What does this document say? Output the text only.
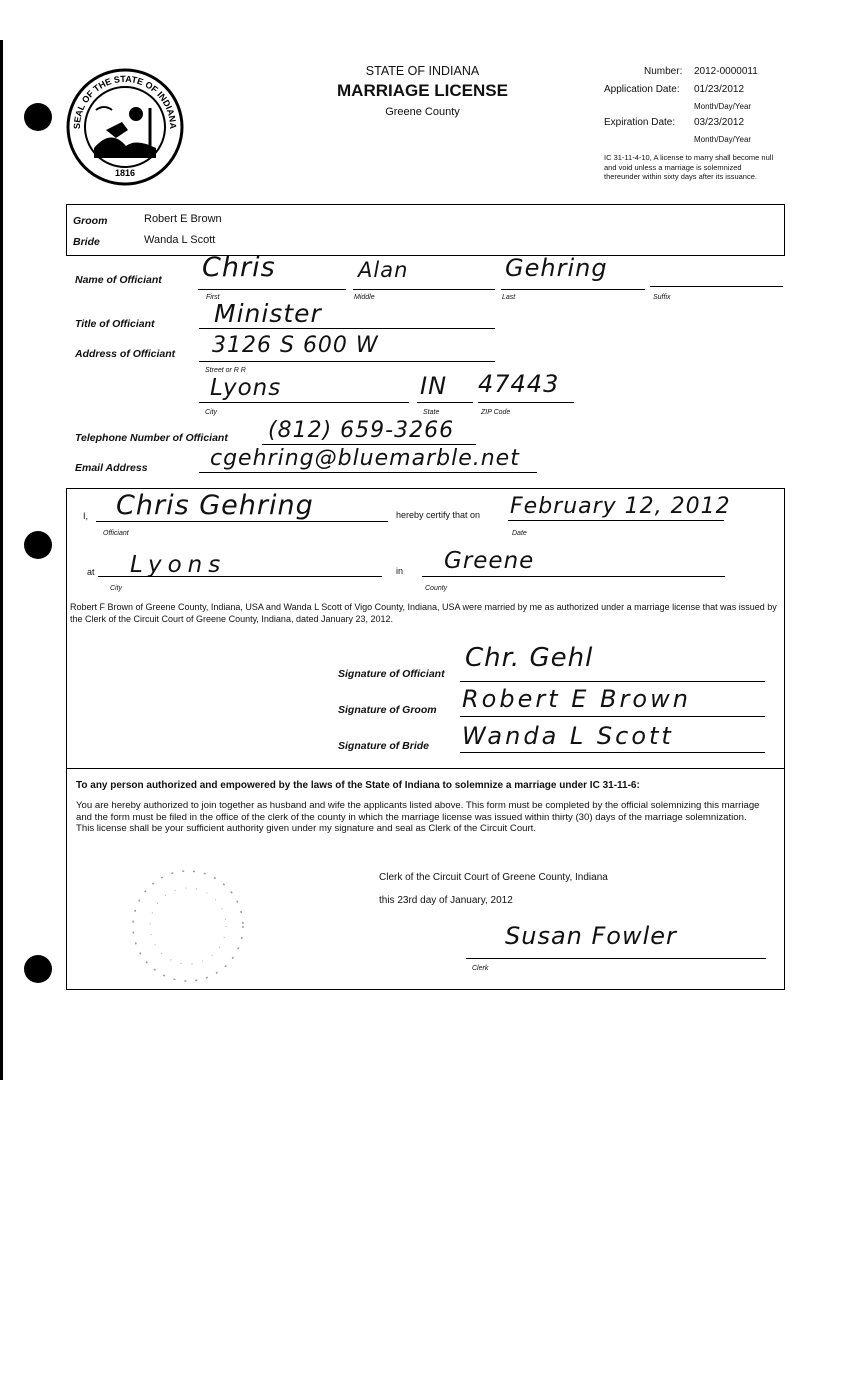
SEAL OF THE STATE OF INDIANA
1816
STATE OF INDIANA
MARRIAGE LICENSE
Greene County
Number: 2012-0000011
Application Date: 01/23/2012
Month/Day/Year
Expiration Date: 03/23/2012
Month/Day/Year
IC 31-11-4-10, A license to marry shall become null and void unless a marriage is solemnized thereunder within sixty days after its issuance.
Groom	Robert E Brown
Bride	Wanda L Scott
Name of Officiant Chris	Alan	Gehring
First	Middle	Last	Suffix
Title of Officiant Minister
Address of Officiant 3126 S 600 W
Street or R R
Lyons	IN 47443
City	State	ZIP Code
Telephone Number of Officiant (812) 659-3266
Email Address	cgehring@bluemarble.net
I, Chris Gehring
Officiant
hereby certify that on February 12, 2012
Date
at Lyons
City
in Greene
County
Robert F Brown of Greene County, Indiana, USA and Wanda L Scott of Vigo County, Indiana, USA were married by me as authorized under a marriage license that was issued by the Clerk of the Circuit Court of Greene County, Indiana, dated January 23, 2012.
Signature of Officiant
Chr. Gehl
Signature of Groom Robert E Brown
Signature of Bride Wanda L Scott
To any person authorized and empowered by the laws of the State of Indiana to solemnize a marriage under IC 31-11-6:
You are hereby authorized to join together as husband and wife the applicants listed above. This form must be completed by the official solemnizing this marriage and the form must be filed in the office of the clerk of the county in which the marriage license was issued within thirty (30) days of the marriage solemnization. This license shall be your sufficient authority given under my signature and seal as Clerk of the Circuit Court.
Clerk of the Circuit Court of Greene County, Indiana
this 23rd day of January, 2012
Susan Fowler
Clerk
